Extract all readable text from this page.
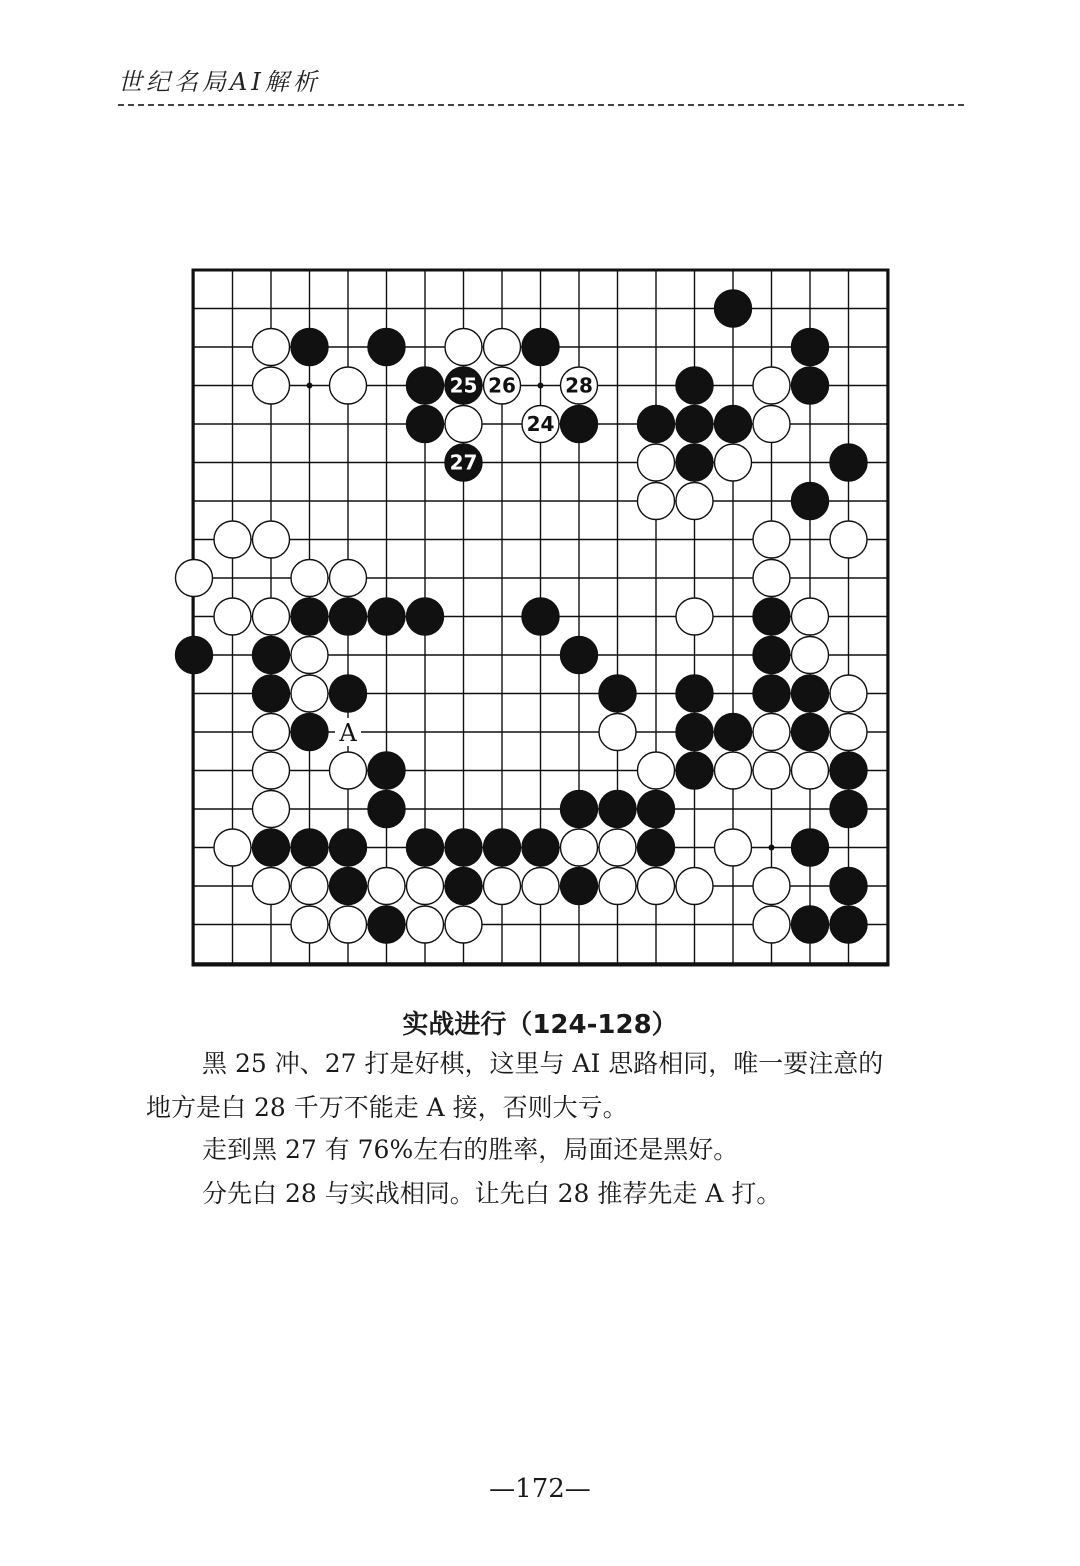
世纪名局AI解析
25 26
27
28
24
A
实战进行（124-128）
黑 25 冲、27 打是好棋，这里与 AI 思路相同，唯一要注意的
地方是白 28 千万不能走 A 接，否则大亏。
走到黑 27 有 76%左右的胜率，局面还是黑好。
分先白 28 与实战相同。让先白 28 推荐先走 A 打。
—172—
